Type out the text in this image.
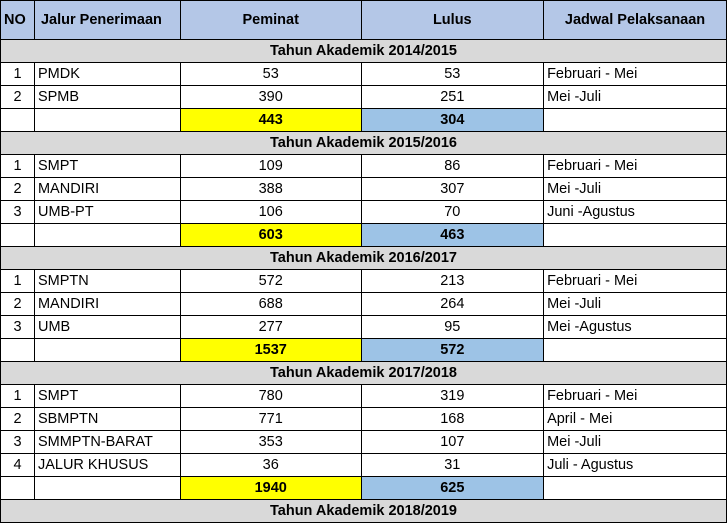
NO	Jalur Penerimaan	Peminat	Lulus	Jadwal Pelaksanaan
Tahun Akademik 2014/2015				
1	PMDK	53	53	Februari - Mei
2	SPMB	390	251	Mei -Juli
		443	304	
Tahun Akademik 2015/2016				
1	SMPT	109	86	Februari - Mei
2	MANDIRI	388	307	Mei -Juli
3	UMB-PT	106	70	Juni -Agustus
		603	463	
Tahun Akademik 2016/2017				
1	SMPTN	572	213	Februari - Mei
2	MANDIRI	688	264	Mei -Juli
3	UMB	277	95	Mei -Agustus
		1537	572	
Tahun Akademik 2017/2018				
1	SMPT	780	319	Februari - Mei
2	SBMPTN	771	168	April - Mei
3	SMMPTN-BARAT	353	107	Mei -Juli
4	JALUR KHUSUS	36	31	Juli - Agustus
		1940	625	
Tahun Akademik 2018/2019				
